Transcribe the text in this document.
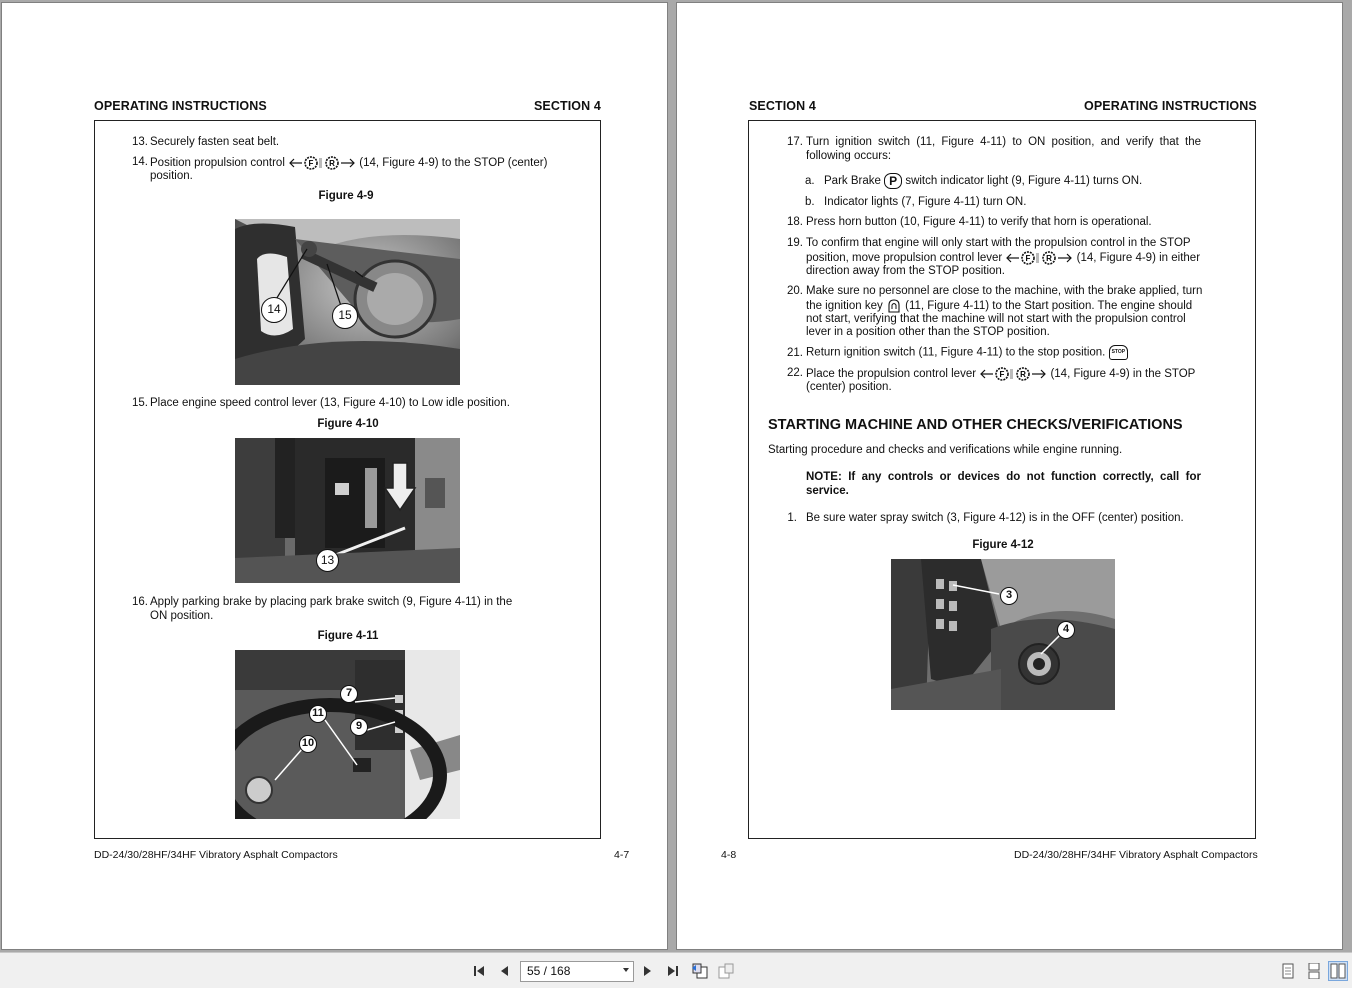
OPERATING INSTRUCTIONS	SECTION 4
13. Securely fasten seat belt.
14. Position propulsion control	F R (14, Figure 4-9) to the STOP (center)
position.
Figure 4-9
14	15
15. Place engine speed control lever (13, Figure 4-10) to Low idle position.
Figure 4-10
13
16. Apply parking brake by placing park brake switch (9, Figure 4-11) in the
ON position.
Figure 4-11
7
11
9
10
DD-24/30/28HF/34HF Vibratory Asphalt Compactors	4-7
SECTION 4	OPERATING INSTRUCTIONS
17. Turn ignition switch (11, Figure 4-11) to ON position, and verify that the
following occurs:
a. Park Brake P switch indicator light (9, Figure 4-11) turns ON.
b. Indicator lights (7, Figure 4-11) turn ON.
18. Press horn button (10, Figure 4-11) to verify that horn is operational.
19. To confirm that engine will only start with the propulsion control in the STOP
position, move propulsion control lever	F R (14, Figure 4-9) in either
direction away from the STOP position.
20. Make sure no personnel are close to the machine, with the brake applied, turn
the ignition key (11, Figure 4-11) to the Start position. The engine should
not start, verifying that the machine will not start with the propulsion control
lever in a position other than the STOP position.
21. Return ignition switch (11, Figure 4-11) to the stop position. STOP
22. Place the propulsion control lever	F R (14, Figure 4-9) in the STOP
(center) position.
STARTING MACHINE AND OTHER CHECKS/VERIFICATIONS
Starting procedure and checks and verifications while engine running.
NOTE: If any controls or devices do not function correctly, call for
service.
1. Be sure water spray switch (3, Figure 4-12) is in the OFF (center) position.
Figure 4-12
3
4
4-8	DD-24/30/28HF/34HF Vibratory Asphalt Compactors
55 / 168
